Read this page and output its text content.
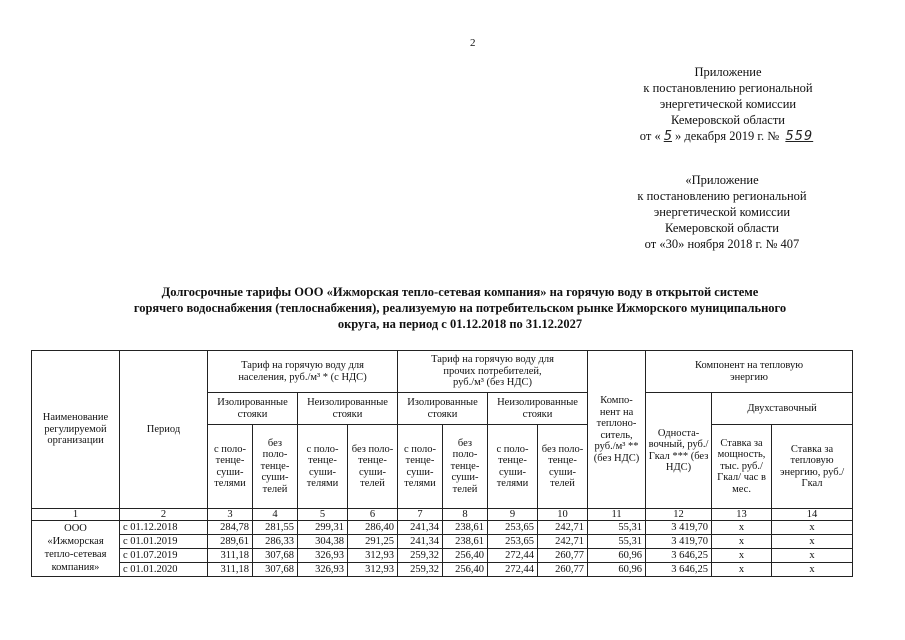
2
Приложение
к постановлению региональной
энергетической комиссии
Кемеровской области
от « 5 » декабря 2019 г. № 559
«Приложение
к постановлению региональной
энергетической комиссии
Кемеровской области
от «30» ноября 2018 г. № 407
Долгосрочные тарифы ООО «Ижморская тепло-сетевая компания» на горячую воду в открытой системе
горячего водоснабжения (теплоснабжения), реализуемую на потребительском рынке Ижморского муниципального
округа, на период с 01.12.2018 по 31.12.2027
Наименование регулируемой организации	Период	Тариф на горячую воду для
населения, руб./м³ * (с НДС)				Тариф на горячую воду для
прочих потребителей,
руб./м³ (без НДС)				Компо-нент на теплоно-ситель, руб./м³ ** (без НДС)	Компонент на тепловую
энергию		

		Изолированные стояки		Неизолированные стояки		Изолированные стояки		Неизолированные стояки			Односта-вочный, руб./Гкал *** (без НДС)	Двухставочный	
		с поло-тенце-суши-телями	без поло-тенце-суши-телей	с поло-тенце-суши-телями	без поло-тенце-суши-телей	с поло-тенце-суши-телями	без поло-тенце-суши-телей	с поло-тенце-суши-телями	без поло-тенце-суши-телей			Ставка за мощность, тыс. руб./ Гкал/ час в мес.	Ставка за тепловую энергию, руб./Гкал

1	2	3	4	5	6	7	8	9	10	11	12	13	14

ООО
«Ижморская
тепло-сетевая
компания»	с 01.12.2018	284,78	281,55	299,31	286,40	241,34	238,61	253,65	242,71	55,31	3 419,70	х	х
	с 01.01.2019	289,61	286,33	304,38	291,25	241,34	238,61	253,65	242,71	55,31	3 419,70	х	х
	с 01.07.2019	311,18	307,68	326,93	312,93	259,32	256,40	272,44	260,77	60,96	3 646,25	х	х
	с 01.01.2020	311,18	307,68	326,93	312,93	259,32	256,40	272,44	260,77	60,96	3 646,25	х	х
